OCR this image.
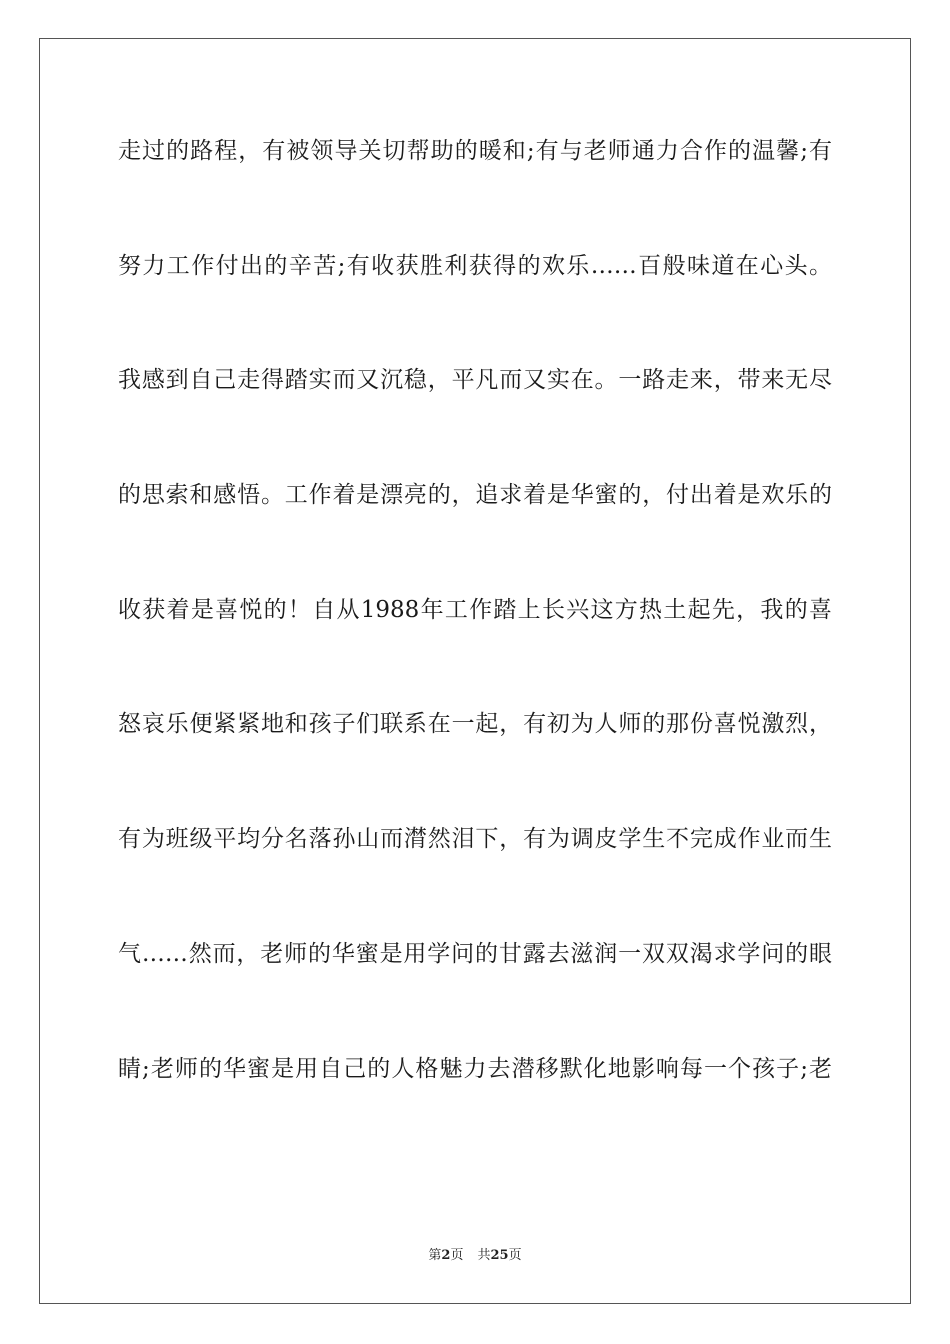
走过的路程，有被领导关切帮助的暖和;有与老师通力合作的温馨;有
努力工作付出的辛苦;有收获胜利获得的欢乐……百般味道在心头。
我感到自己走得踏实而又沉稳，平凡而又实在。一路走来，带来无尽
的思索和感悟。工作着是漂亮的，追求着是华蜜的，付出着是欢乐的
收获着是喜悦的！自从1988年工作踏上长兴这方热土起先，我的喜
怒哀乐便紧紧地和孩子们联系在一起，有初为人师的那份喜悦激烈，
有为班级平均分名落孙山而潸然泪下，有为调皮学生不完成作业而生
气……然而，老师的华蜜是用学问的甘露去滋润一双双渴求学问的眼
睛;老师的华蜜是用自己的人格魅力去潜移默化地影响每一个孩子;老
第2页 共25页
